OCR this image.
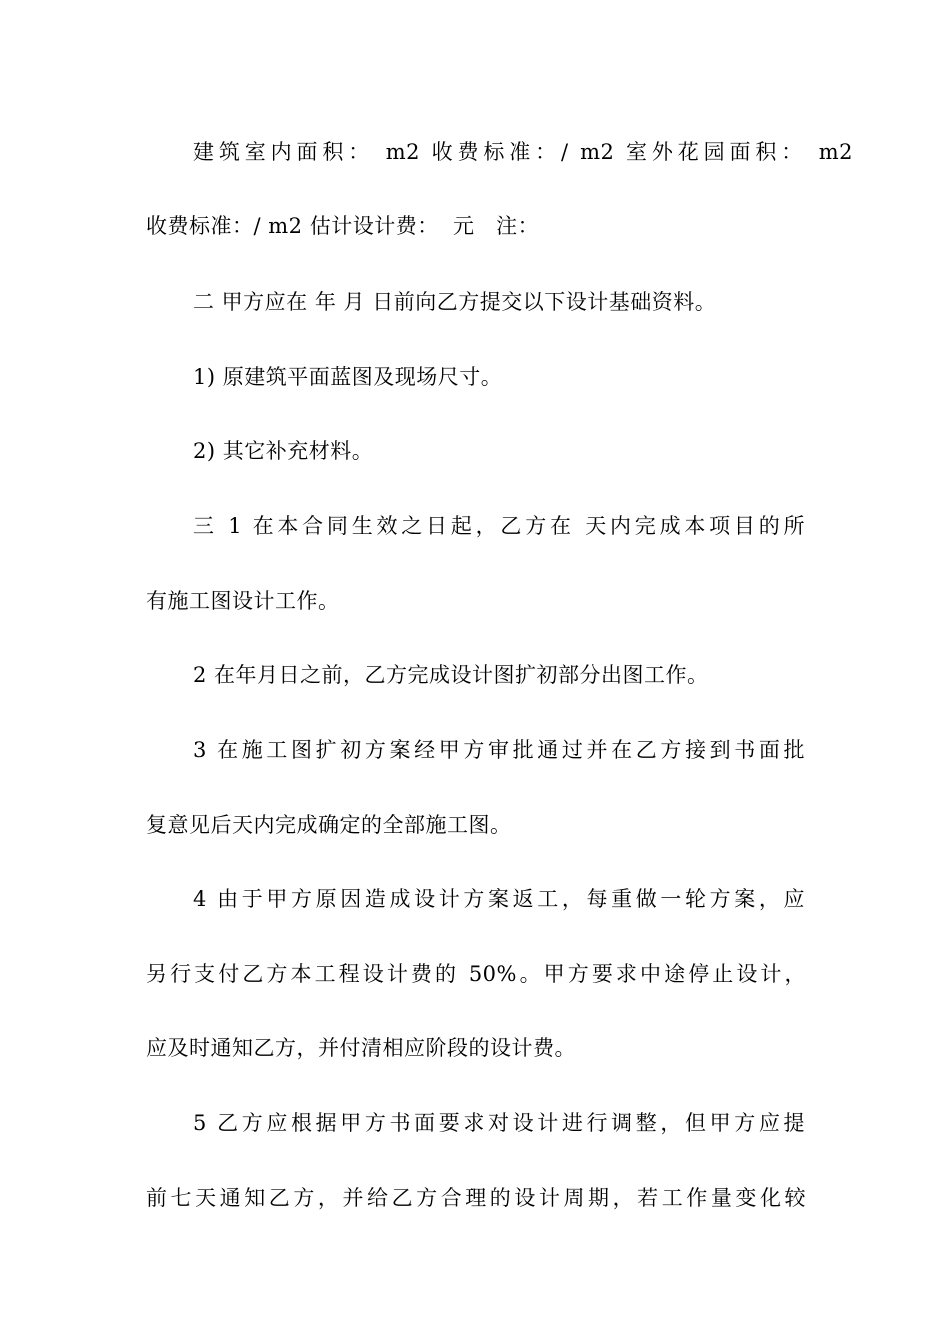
建筑室内面积： m2 收费标准：/ m2 室外花园面积： m2
收费标准：/ m2 估计设计费：  元   注：
二 甲方应在 年 月 日前向乙方提交以下设计基础资料。
1) 原建筑平面蓝图及现场尺寸。
2) 其它补充材料。
三 1 在本合同生效之日起，乙方在 天内完成本项目的所
有施工图设计工作。
2 在年月日之前，乙方完成设计图扩初部分出图工作。
3 在施工图扩初方案经甲方审批通过并在乙方接到书面批
复意见后天内完成确定的全部施工图。
4 由于甲方原因造成设计方案返工，每重做一轮方案，应
另行支付乙方本工程设计费的 50%。甲方要求中途停止设计，
应及时通知乙方，并付清相应阶段的设计费。
5 乙方应根据甲方书面要求对设计进行调整，但甲方应提
前七天通知乙方，并给乙方合理的设计周期，若工作量变化较
